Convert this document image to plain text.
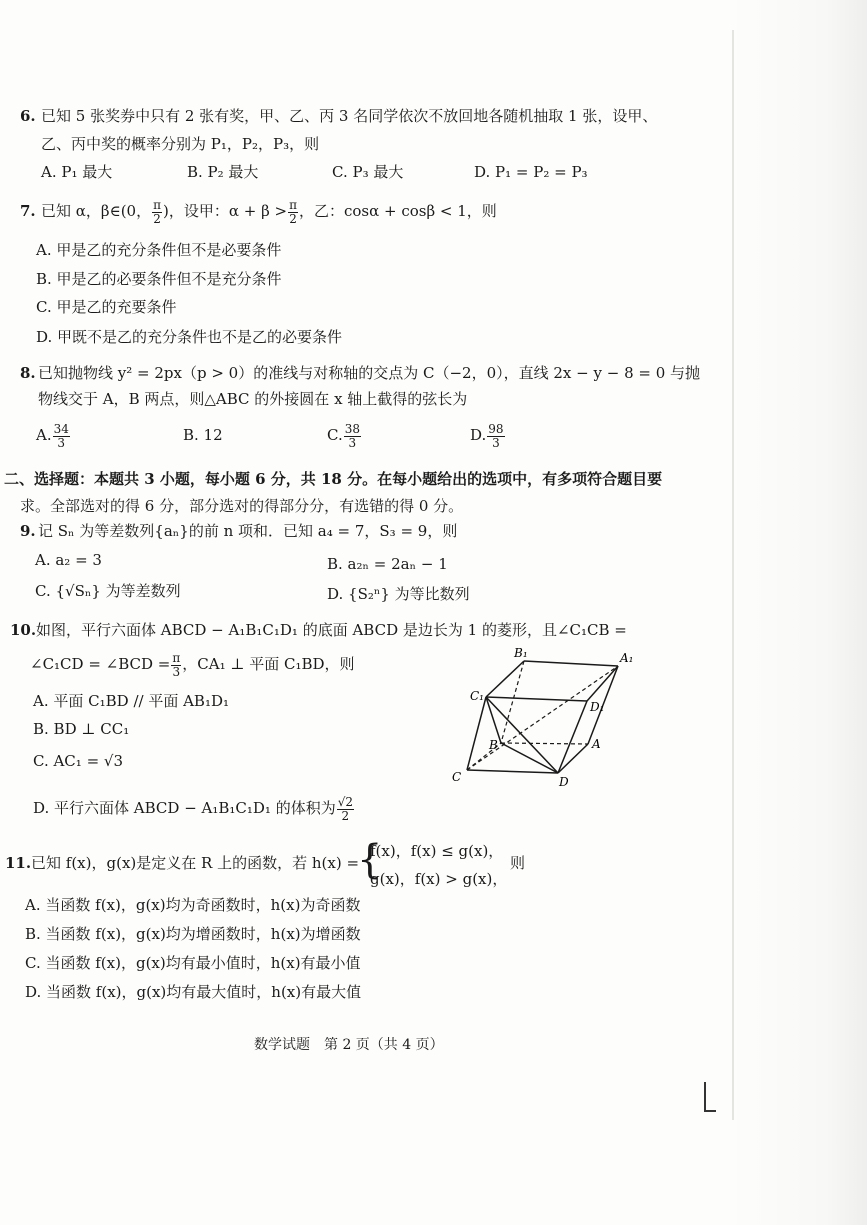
6. 已知 5 张奖券中只有 2 张有奖，甲、乙、丙 3 名同学依次不放回地各随机抽取 1 张，设甲、
乙、丙中奖的概率分别为 P₁，P₂，P₃，则
A. P₁ 最大	B. P₂ 最大	C. P₃ 最大	D. P₁ = P₂ = P₃
7. 已知 α，β∈(0， $\frac{\pi}{2}$ )，设甲：$\alpha + \beta > \frac{\pi}{2}$ ，乙：cosα + cosβ < 1，则
A. 甲是乙的充分条件但不是必要条件
B. 甲是乙的必要条件但不是充分条件
C. 甲是乙的充要条件
D. 甲既不是乙的充分条件也不是乙的必要条件
8. 已知抛物线 y² = 2px（p > 0）的准线与对称轴的交点为 C（−2，0），直线 2x − y − 8 = 0 与抛
物线交于 A，B 两点，则△ABC 的外接圆在 x 轴上截得的弦长为
A. $\frac{34}{3}$	B. 12	C. $\frac{38}{3}$	D. $\frac{98}{3}$
二、选择题：本题共 3 小题，每小题 6 分，共 18 分。在每小题给出的选项中，有多项符合题目要
求。全部选对的得 6 分，部分选对的得部分分，有选错的得 0 分。
9. 记 Sₙ 为等差数列{aₙ}的前 n 项和．已知 a₄ = 7，S₃ = 9，则
A. a₂ = 3	B. a₂ₙ = 2aₙ − 1
C. {√Sₙ} 为等差数列	D. {S₂ⁿ} 为等比数列
10. 如图，平行六面体 ABCD − A₁B₁C₁D₁ 的底面 ABCD 是边长为 1 的菱形，且∠C₁CB =
∠C₁CD = ∠BCD = $\frac{\pi}{3}$ ，CA₁ ⊥ 平面 C₁BD，则
A. 平面 C₁BD // 平面 AB₁D₁
B. BD ⊥ CC₁
C. AC₁ = √3
D. 平行六面体 ABCD − A₁B₁C₁D₁ 的体积为 $\frac{√2}{2}$
B₁	A₁
C₁
D₁
B	A
C	D
11. 已知 f(x)，g(x)是定义在 R 上的函数，若 h(x) =
{
f(x)，f(x) ≤ g(x)，
g(x)，f(x) > g(x)，
则
A. 当函数 f(x)，g(x)均为奇函数时，h(x)为奇函数
B. 当函数 f(x)，g(x)均为增函数时，h(x)为增函数
C. 当函数 f(x)，g(x)均有最小值时，h(x)有最小值
D. 当函数 f(x)，g(x)均有最大值时，h(x)有最大值
数学试题　第 2 页（共 4 页）
